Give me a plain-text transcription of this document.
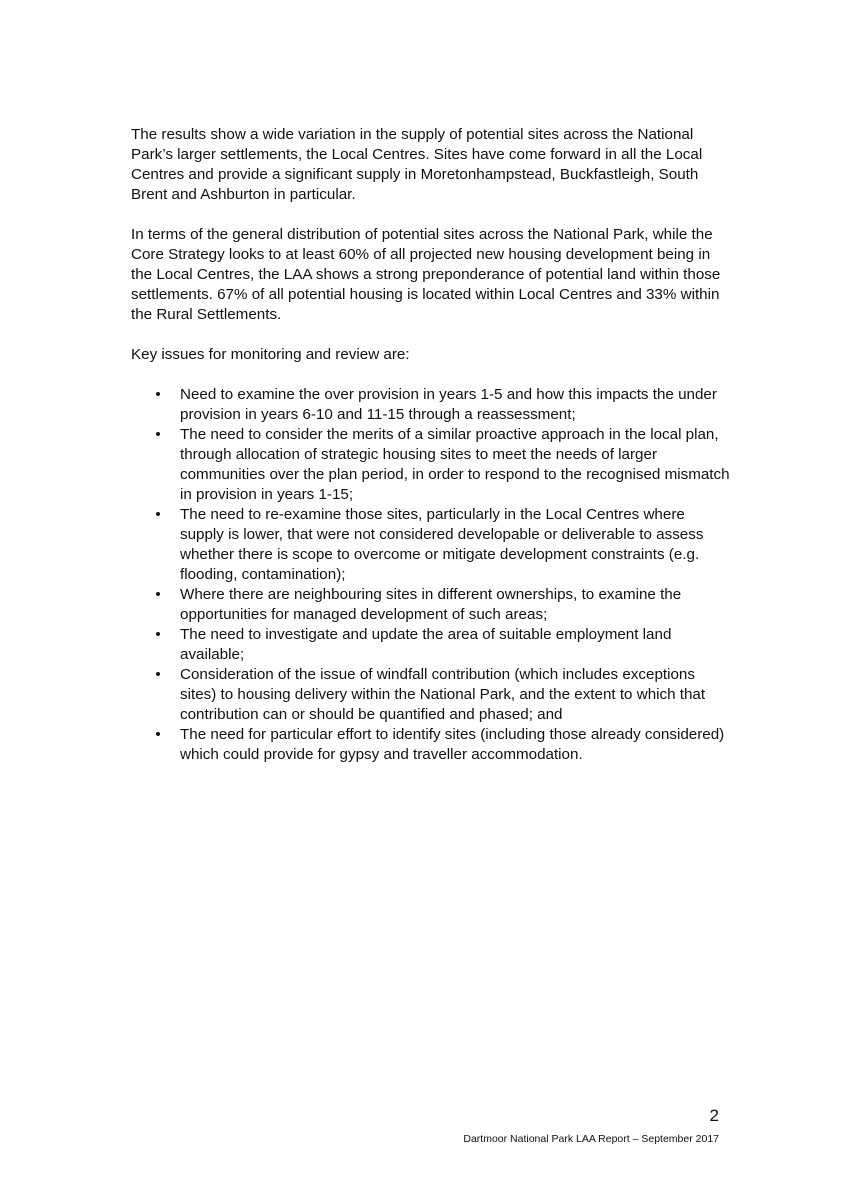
The results show a wide variation in the supply of potential sites across the National Park’s larger settlements, the Local Centres. Sites have come forward in all the Local Centres and provide a significant supply in Moretonhampstead, Buckfastleigh, South Brent and Ashburton in particular.

In terms of the general distribution of potential sites across the National Park, while the Core Strategy looks to at least 60% of all projected new housing development being in the Local Centres, the LAA shows a strong preponderance of potential land within those settlements. 67% of all potential housing is located within Local Centres and 33% within the Rural Settlements.

Key issues for monitoring and review are:

• Need to examine the over provision in years 1-5 and how this impacts the under provision in years 6-10 and 11-15 through a reassessment;
• The need to consider the merits of a similar proactive approach in the local plan, through allocation of strategic housing sites to meet the needs of larger communities over the plan period, in order to respond to the recognised mismatch in provision in years 1-15;
• The need to re-examine those sites, particularly in the Local Centres where supply is lower, that were not considered developable or deliverable to assess whether there is scope to overcome or mitigate development constraints (e.g. flooding, contamination);
• Where there are neighbouring sites in different ownerships, to examine the opportunities for managed development of such areas;
• The need to investigate and update the area of suitable employment land available;
• Consideration of the issue of windfall contribution (which includes exceptions sites) to housing delivery within the National Park, and the extent to which that contribution can or should be quantified and phased; and
• The need for particular effort to identify sites (including those already considered) which could provide for gypsy and traveller accommodation.
2
Dartmoor National Park LAA Report – September 2017
